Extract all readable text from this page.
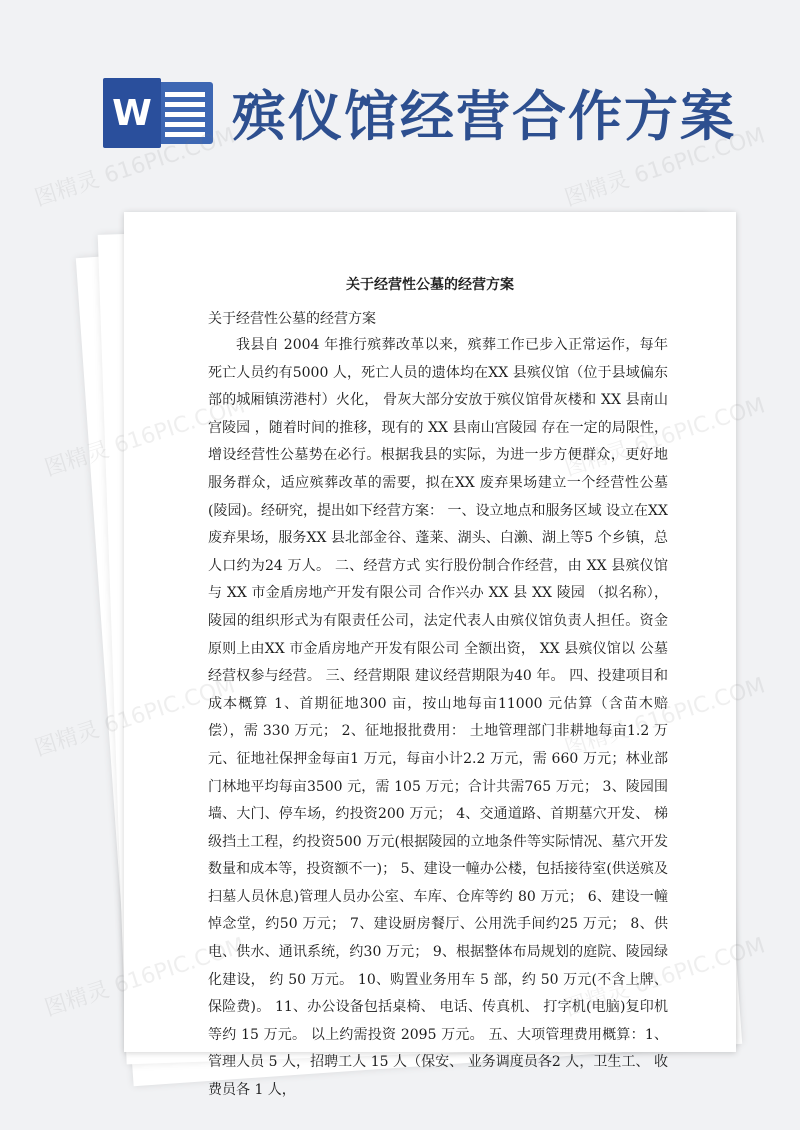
W 殡仪馆经营合作方案
关于经营性公墓的经营方案
关于经营性公墓的经营方案
我县自 2004 年推行殡葬改革以来，殡葬工作已步入正常运作，每年死亡人员约有5000 人，死亡人员的遗体均在XX 县殡仪馆（位于县域偏东部的城厢镇涝港村）火化， 骨灰大部分安放于殡仪馆骨灰楼和 XX 县南山宫陵园 ，随着时间的推移，现有的 XX 县南山宫陵园 存在一定的局限性，增设经营性公墓势在必行。根据我县的实际，为进一步方便群众，更好地服务群众，适应殡葬改革的需要，拟在XX 废弃果场建立一个经营性公墓(陵园)。经研究，提出如下经营方案： 一、设立地点和服务区域 设立在XX 废弃果场，服务XX 县北部金谷、蓬莱、湖头、白濑、湖上等5 个乡镇，总人口约为24 万人。 二、经营方式 实行股份制合作经营，由 XX 县殡仪馆 与 XX 市金盾房地产开发有限公司 合作兴办 XX 县 XX 陵园 （拟名称），陵园的组织形式为有限责任公司，法定代表人由殡仪馆负责人担任。资金原则上由XX 市金盾房地产开发有限公司 全额出资， XX 县殡仪馆以 公墓经营权参与经营。 三、经营期限 建议经营期限为40 年。 四、投建项目和成本概算 1、首期征地300 亩，按山地每亩11000 元估算（含苗木赔偿），需 330 万元； 2、征地报批费用： 土地管理部门非耕地每亩1.2 万元、征地社保押金每亩1 万元，每亩小计2.2 万元，需 660 万元；林业部门林地平均每亩3500 元，需 105 万元；合计共需765 万元； 3、陵园围墙、大门、停车场，约投资200 万元； 4、交通道路、首期墓穴开发、 梯级挡土工程，约投资500 万元(根据陵园的立地条件等实际情况、墓穴开发数量和成本等，投资额不一)； 5、建设一幢办公楼，包括接待室(供送殡及扫墓人员休息)管理人员办公室、车库、仓库等约 80 万元； 6、建设一幢悼念堂，约50 万元； 7、建设厨房餐厅、公用洗手间约25 万元； 8、供电、供水、通讯系统，约30 万元； 9、根据整体布局规划的庭院、陵园绿化建设， 约 50 万元。 10、购置业务用车 5 部，约 50 万元(不含上牌、保险费)。 11、办公设备包括桌椅、 电话、传真机、 打字机(电脑)复印机等约 15 万元。 以上约需投资 2095 万元。 五、大项管理费用概算：1、管理人员 5 人，招聘工人 15 人（保安、 业务调度员各2 人，卫生工、 收费员各 1 人，
图精灵 616PIC.COM	图精灵 616PIC.COM
图精灵
图精灵
图精灵
